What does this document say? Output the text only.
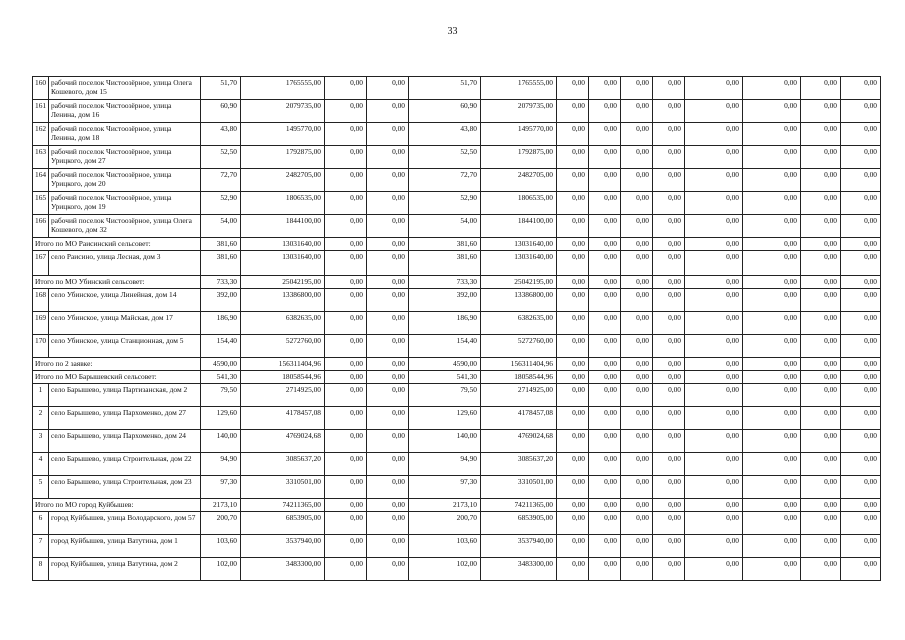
33
160	рабочий поселок Чистоозёрное, улица Олега Кошевого, дом 15	51,70	1765555,00	0,00	0,00	51,70	1765555,00	0,00	0,00	0,00	0,00	0,00	0,00	0,00	0,00
161	рабочий поселок Чистоозёрное, улица Ленина, дом 16	60,90	2079735,00	0,00	0,00	60,90	2079735,00	0,00	0,00	0,00	0,00	0,00	0,00	0,00	0,00
162	рабочий поселок Чистоозёрное, улица Ленина, дом 18	43,80	1495770,00	0,00	0,00	43,80	1495770,00	0,00	0,00	0,00	0,00	0,00	0,00	0,00	0,00
163	рабочий поселок Чистоозёрное, улица Урицкого, дом 27	52,50	1792875,00	0,00	0,00	52,50	1792875,00	0,00	0,00	0,00	0,00	0,00	0,00	0,00	0,00
164	рабочий поселок Чистоозёрное, улица Урицкого, дом 20	72,70	2482705,00	0,00	0,00	72,70	2482705,00	0,00	0,00	0,00	0,00	0,00	0,00	0,00	0,00
165	рабочий поселок Чистоозёрное, улица Урицкого, дом 19	52,90	1806535,00	0,00	0,00	52,90	1806535,00	0,00	0,00	0,00	0,00	0,00	0,00	0,00	0,00
166	рабочий поселок Чистоозёрное, улица Олега Кошевого, дом 32	54,00	1844100,00	0,00	0,00	54,00	1844100,00	0,00	0,00	0,00	0,00	0,00	0,00	0,00	0,00
Итого по МО Раисинский сельсовет:		381,60	13031640,00	0,00	0,00	381,60	13031640,00	0,00	0,00	0,00	0,00	0,00	0,00	0,00	0,00
167	село Раисино, улица Лесная, дом 3	381,60	13031640,00	0,00	0,00	381,60	13031640,00	0,00	0,00	0,00	0,00	0,00	0,00	0,00	0,00
Итого по МО Убинский сельсовет:		733,30	25042195,00	0,00	0,00	733,30	25042195,00	0,00	0,00	0,00	0,00	0,00	0,00	0,00	0,00
168	село Убинское, улица Линейная, дом 14	392,00	13386800,00	0,00	0,00	392,00	13386800,00	0,00	0,00	0,00	0,00	0,00	0,00	0,00	0,00
169	село Убинское, улица Майская, дом 17	186,90	6382635,00	0,00	0,00	186,90	6382635,00	0,00	0,00	0,00	0,00	0,00	0,00	0,00	0,00
170	село Убинское, улица Станционная, дом 5	154,40	5272760,00	0,00	0,00	154,40	5272760,00	0,00	0,00	0,00	0,00	0,00	0,00	0,00	0,00
Итого по 2 заявке:		4590,00	156311404,96	0,00	0,00	4590,00	156311404,96	0,00	0,00	0,00	0,00	0,00	0,00	0,00	0,00
Итого по МО Барышевский сельсовет:		541,30	18058544,96	0,00	0,00	541,30	18058544,96	0,00	0,00	0,00	0,00	0,00	0,00	0,00	0,00
1	село Барышево, улица Партизанская, дом 2	79,50	2714925,00	0,00	0,00	79,50	2714925,00	0,00	0,00	0,00	0,00	0,00	0,00	0,00	0,00
2	село Барышево, улица Пархоменко, дом 27	129,60	4178457,08	0,00	0,00	129,60	4178457,08	0,00	0,00	0,00	0,00	0,00	0,00	0,00	0,00
3	село Барышево, улица Пархоменко, дом 24	140,00	4769024,68	0,00	0,00	140,00	4769024,68	0,00	0,00	0,00	0,00	0,00	0,00	0,00	0,00
4	село Барышево, улица Строительная, дом 22	94,90	3085637,20	0,00	0,00	94,90	3085637,20	0,00	0,00	0,00	0,00	0,00	0,00	0,00	0,00
5	село Барышево, улица Строительная, дом 23	97,30	3310501,00	0,00	0,00	97,30	3310501,00	0,00	0,00	0,00	0,00	0,00	0,00	0,00	0,00
Итого по МО город Куйбышев:		2173,10	74211365,00	0,00	0,00	2173,10	74211365,00	0,00	0,00	0,00	0,00	0,00	0,00	0,00	0,00
6	город Куйбышев, улица Володарского, дом 57	200,70	6853905,00	0,00	0,00	200,70	6853905,00	0,00	0,00	0,00	0,00	0,00	0,00	0,00	0,00
7	город Куйбышев, улица Ватутина, дом 1	103,60	3537940,00	0,00	0,00	103,60	3537940,00	0,00	0,00	0,00	0,00	0,00	0,00	0,00	0,00
8	город Куйбышев, улица Ватутина, дом 2	102,00	3483300,00	0,00	0,00	102,00	3483300,00	0,00	0,00	0,00	0,00	0,00	0,00	0,00	0,00
